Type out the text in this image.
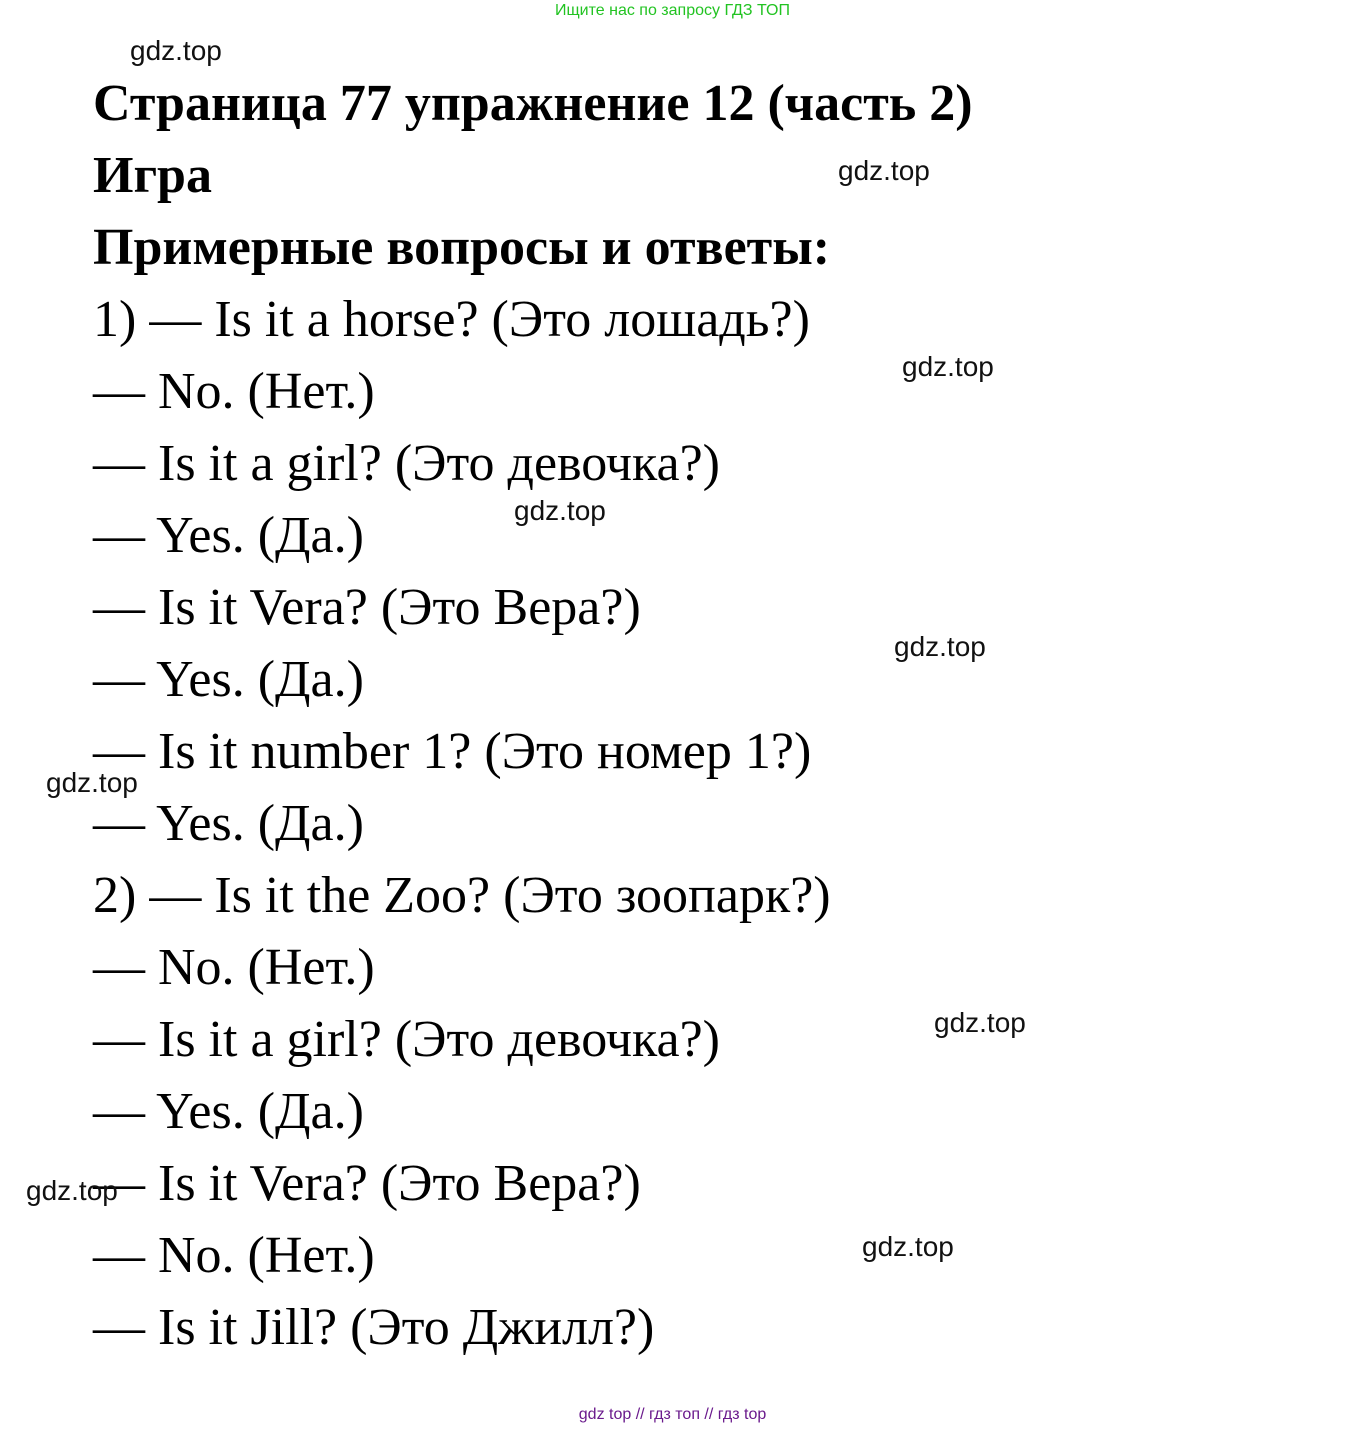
Ищите нас по запросу ГДЗ ТОП
gdz.top
Страница 77 упражнение 12 (часть 2)
Игра
Примерные вопросы и ответы:
1) — Is it a horse? (Это лошадь?)
— No. (Нет.)
— Is it a girl? (Это девочка?)
— Yes. (Да.)
— Is it Vera? (Это Вера?)
— Yes. (Да.)
— Is it number 1? (Это номер 1?)
— Yes. (Да.)
2) — Is it the Zoo? (Это зоопарк?)
— No. (Нет.)
— Is it a girl? (Это девочка?)
— Yes. (Да.)
— Is it Vera? (Это Вера?)
— No. (Нет.)
— Is it Jill? (Это Джилл?)
gdz.top
gdz.top
gdz.top
gdz.top
gdz.top
gdz.top
gdz.top
gdz.top
gdz top // гдз топ // гдз top
